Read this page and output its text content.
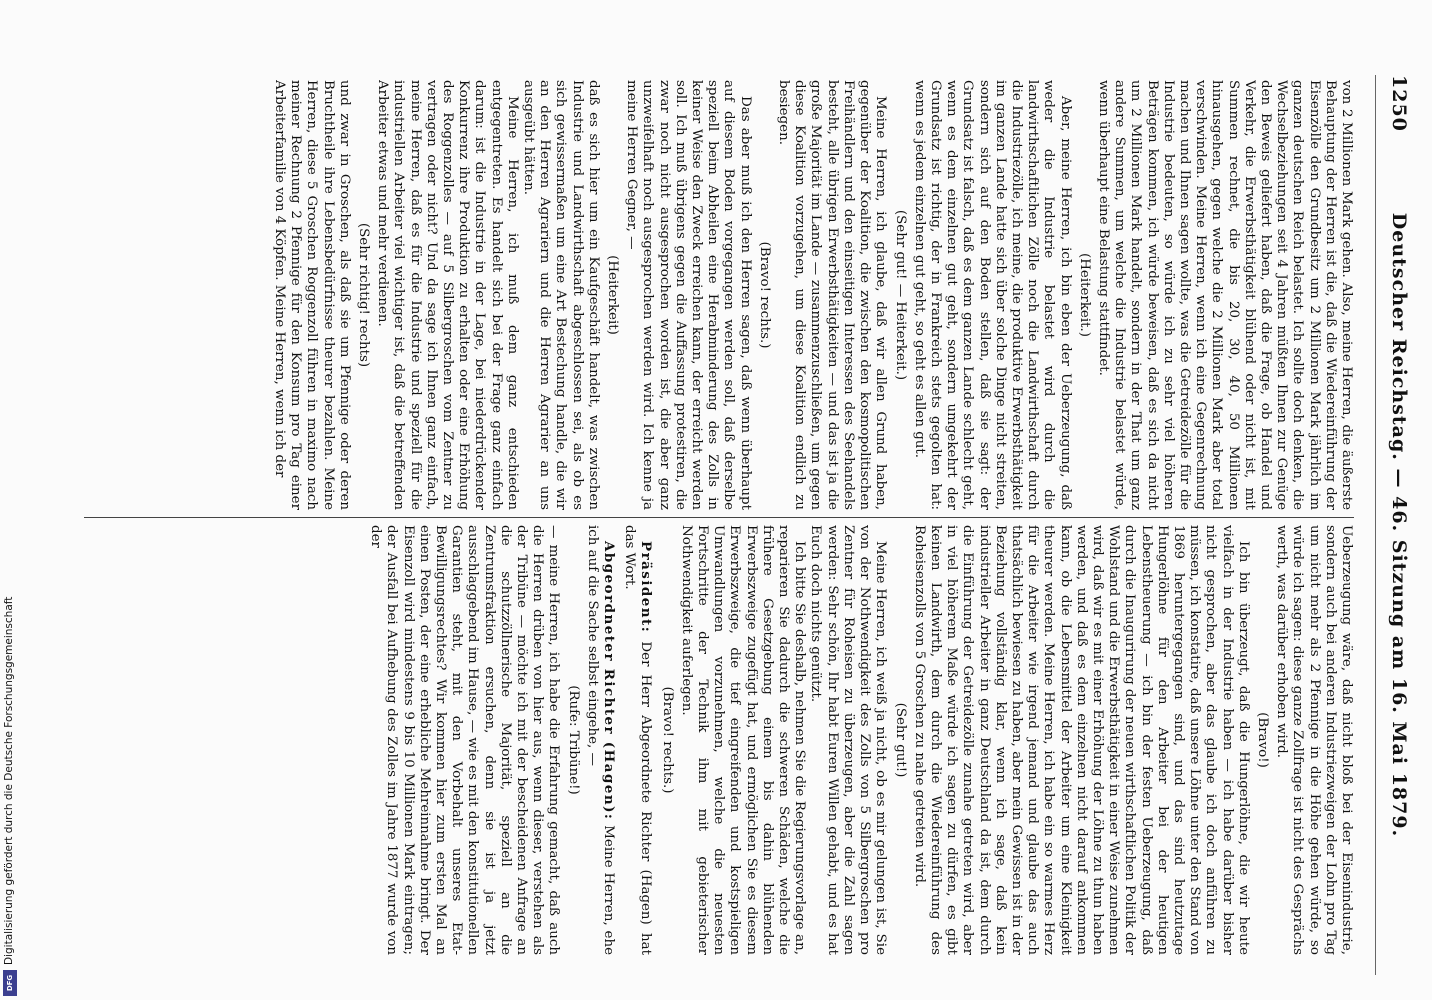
1250
Deutscher Reichstag. — 46. Sitzung am 16. Mai 1879.

von 2 Millionen Mark gehen. Also, meine Herren, die äußerste Behauptung der Herren ist die, daß die Wiedereinführung der Eisenzölle den Grundbesitz um 2 Millionen Mark jährlich im ganzen deutschen Reich belastet. Ich sollte doch denken, die Wechselbeziehungen seit 4 Jahren müßten Ihnen zur Genüge den Beweis geliefert haben, daß die Frage, ob Handel und Verkehr, die Erwerbsthätigkeit blühend oder nicht ist, mit Summen rechnet, die bis 20, 30, 40, 50 Millionen hinausgehen, gegen welche die 2 Millionen Mark aber total verschwinden. Meine Herren, wenn ich eine Gegenrechnung machen und Ihnen sagen wollte, was die Getreidezölle für die Industrie bedeuten, so würde ich zu sehr viel höheren Beträgen kommen, ich würde beweisen, daß es sich da nicht um 2 Millionen Mark handelt, sondern in der That um ganz andere Summen, um welche die Industrie belastet würde, wenn überhaupt eine Belastung stattfindet.

(Heiterkeit.)

Aber, meine Herren, ich bin eben der Ueberzeugung, daß weder die Industrie belastet wird durch die landwirthschaftlichen Zölle noch die Landwirthschaft durch die Industriezölle, ich meine, die produktive Erwerbsthätigkeit im ganzen Lande hatte sich über solche Dinge nicht streiten, sondern sich auf den Boden stellen, daß sie sagt: der Grundsatz ist falsch, daß es dem ganzen Lande schlecht geht, wenn es dem einzelnen gut geht, sondern umgekehrt der Grundsatz ist richtig, der in Frankreich stets gegolten hat: wenn es jedem einzelnen gut geht, so geht es allen gut.

(Sehr gut! — Heiterkeit.)

Meine Herren, ich glaube, daß wir allen Grund haben, gegenüber der Koalition, die zwischen den kosmopolitischen Freihändlern und den einseitigen Interessen des Seehandels besteht, alle übrigen Erwerbsthätigkeiten — und das ist ja die große Majorität im Lande — zusammenzuschließen, um gegen diese Koalition vorzugehen, um diese Koalition endlich zu besiegen.

(Bravo! rechts.)

Das aber muß ich den Herren sagen, daß wenn überhaupt auf diesem Boden vorgegangen werden soll, daß derselbe speziell beim Abheilen eine Herabminderung des Zolls in keiner Weise den Zweck erreichen kann, der erreicht werden soll. Ich muß übrigens gegen die Auffassung protestiren, die zwar noch nicht ausgesprochen worden ist, die aber ganz unzweifelhaft noch ausgesprochen werden wird. Ich kenne ja meine Herren Gegner, —

(Heiterkeit)

daß es sich hier um ein Kaufgeschäft handelt, was zwischen Industrie und Landwirthschaft abgeschlossen sei, als ob es sich gewissermaßen um eine Art Bestechung handle, die wir an den Herren Agrariern und die Herren Agrarier an uns ausgeübt hätten.

Meine Herren, ich muß dem ganz entschieden entgegentreten. Es handelt sich bei der Frage ganz einfach darum: ist die Industrie in der Lage, bei niederdrückender Konkurrenz ihre Produktion zu erhalten oder eine Erhöhung des Roggenzolles — auf 5 Silbergroschen vom Zentner zu vertragen oder nicht? Und da sage ich Ihnen ganz einfach, meine Herren, daß es für die Industrie und speziell für die industriellen Arbeiter viel wichtiger ist, daß die betreffenden Arbeiter etwas und mehr verdienen.

(Sehr richtig! rechts)

und zwar in Groschen, als daß sie um Pfennige oder deren Bruchtheile ihre Lebensbedürfnisse theurer bezahlen. Meine Herren, diese 5 Groschen Roggenzoll führen in maximo nach meiner Rechnung 2 Pfennige für den Konsum pro Tag einer Arbeiterfamilie von 4 Köpfen. Meine Herren, wenn ich der

Ueberzeugung wäre, daß nicht bloß bei der Eisenindustrie, sondern auch bei anderen Industriezweigen der Lohn pro Tag um nicht mehr als 2 Pfennige in die Höhe gehen würde, so würde ich sagen: diese ganze Zollfrage ist nicht des Gesprächs werth, was darüber erhoben wird.

(Bravo!)

Ich bin überzeugt, daß die Hungerlöhne, die wir heute vielfach in der Industrie haben — ich habe darüber bisher nicht gesprochen, aber das glaube ich doch anführen zu müssen, ich konstatire, daß unsere Löhne unter den Stand von 1869 heruntergegangen sind, und das sind heutzutage Hungerlöhne für den Arbeiter bei der heutigen Lebenstheuerung — ich bin der festen Ueberzeugung, daß durch die Inaugurirung der neuen wirthschaftlichen Politik der Wohlstand und die Erwerbsthätigkeit in einer Weise zunehmen wird, daß wir es mit einer Erhöhung der Löhne zu thun haben werden, und daß es dem einzelnen nicht darauf ankommen kann, ob die Lebensmittel der Arbeiter um eine Kleinigkeit theurer werden. Meine Herren, ich habe ein so warmes Herz für die Arbeiter wie irgend jemand und glaube das auch thatsächlich bewiesen zu haben, aber mein Gewissen ist in der Beziehung vollständig klar, wenn ich sage, daß kein industrieller Arbeiter in ganz Deutschland da ist, dem durch die Einführung der Getreidezölle zunahe getreten wird, aber in viel höherem Maße würde ich sagen zu dürfen, es gibt keinen Landwirth, dem durch die Wiedereinführung des Roheisenzolls von 5 Groschen zu nahe getreten wird.

(Sehr gut!)

Meine Herren, ich weiß ja nicht, ob es mir gelungen ist, Sie von der Nothwendigkeit des Zolls von 5 Silbergroschen pro Zentner für Roheisen zu überzeugen, aber die Zahl sagen werden: Sehr schön, Ihr habt Euren Willen gehabt, und es hat Euch doch nichts genützt.

Ich bitte Sie deshalb, nehmen Sie die Regierungsvorlage an, reparieren Sie dadurch die schweren Schäden, welche die frühere Gesetzgebung einem bis dahin blühenden Erwerbszweige zugefügt hat, und ermöglichen Sie es diesem Erwerbszweige, die tief eingreifenden und kostspieligen Umwandlungen vorzunehmen, welche die neuesten Fortschritte der Technik ihm mit gebieterischer Nothwendigkeit auferlegen.

(Bravo! rechts.)

Präsident: Der Herr Abgeordnete Richter (Hagen) hat das Wort.

Abgeordneter Richter (Hagen): Meine Herren, ehe ich auf die Sache selbst eingehe, —

(Rufe: Tribüne!)

— meine Herren, ich habe die Erfahrung gemacht, daß auch die Herren drüben von hier aus, wenn dieser, verstehen als der Tribüne — möchte ich mit der bescheidenen Anfrage an die schutzzöllnerische Majorität, speziell an die Zentrumsfraktion ersuchen, denn sie ist ja jetzt ausschlaggebend im Hause, — wie es mit den konstitutionellen Garantien steht, mit den Vorbehalt unseres Etat-Bewilligungsrechtes? Wir kommen hier zum ersten Mal an einen Posten, der eine erhebliche Mehreinnahme bringt. Der Eisenzoll wird mindestens 9 bis 10 Millionen Mark eintragen; der Ausfall bei Aufhebung des Zolles im Jahre 1877 wurde von der

DFG
Digitalisierung gefördert durch die Deutsche Forschungsgemeinschaft
